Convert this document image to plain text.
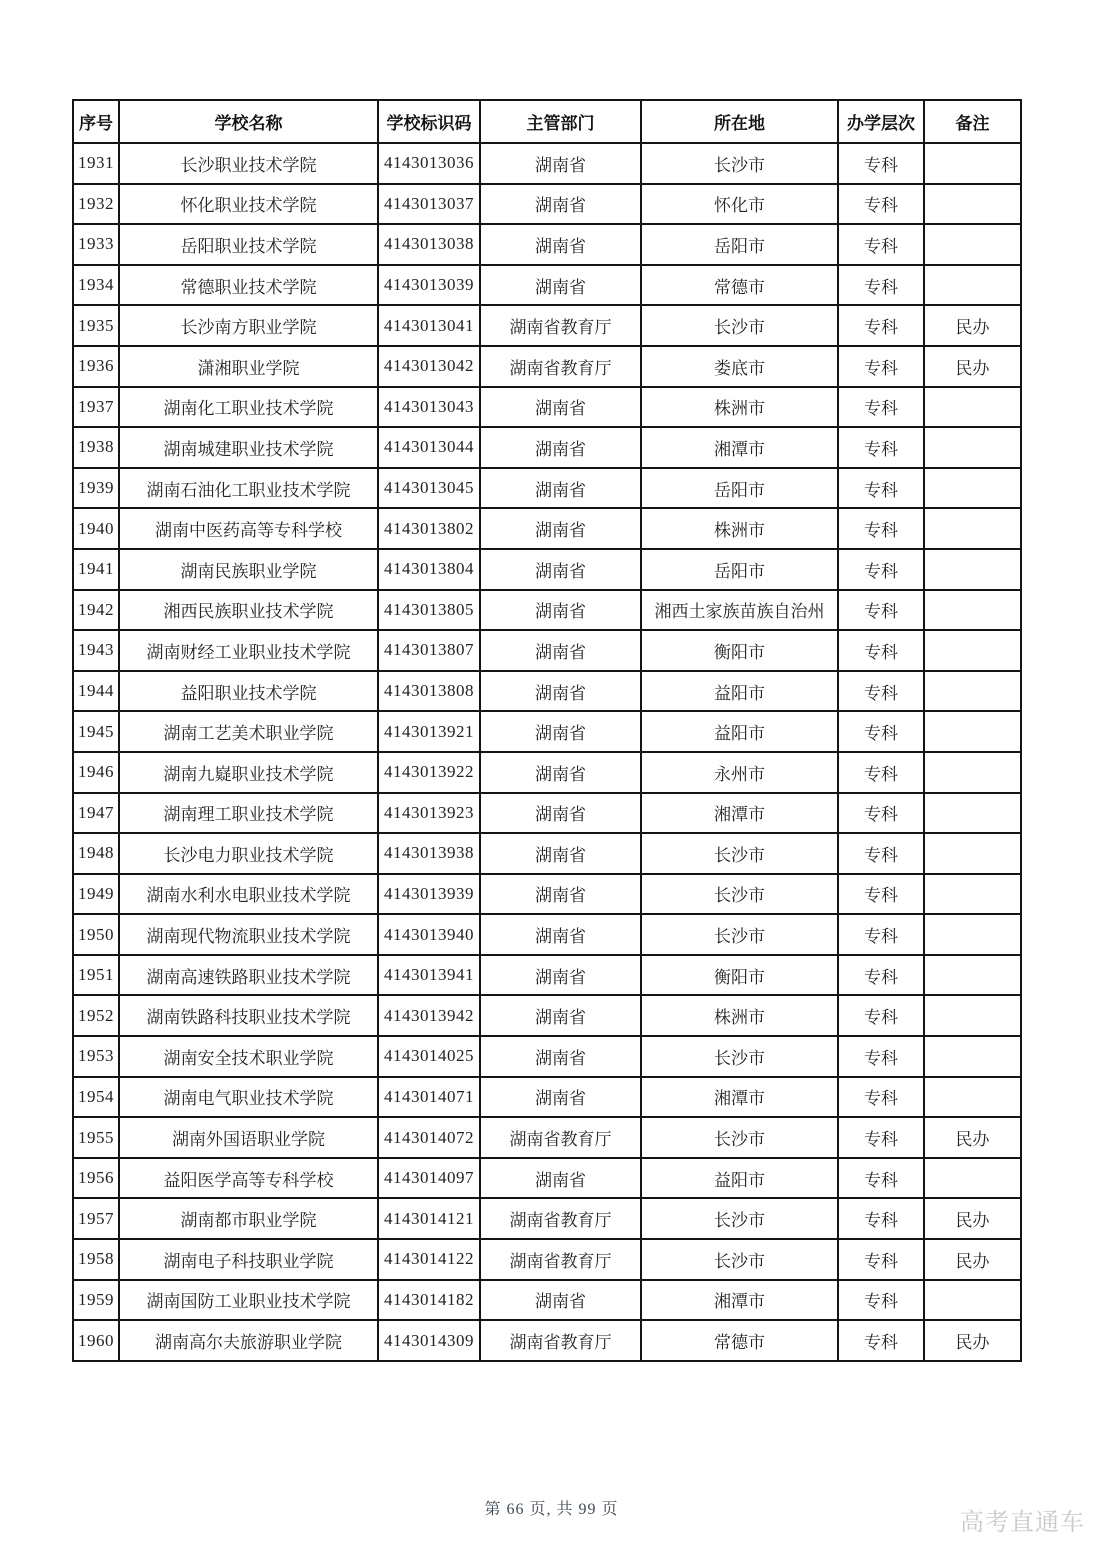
序号	学校名称	学校标识码	主管部门	所在地	办学层次	备注
1931	长沙职业技术学院	4143013036	湖南省	长沙市	专科	
1932	怀化职业技术学院	4143013037	湖南省	怀化市	专科	
1933	岳阳职业技术学院	4143013038	湖南省	岳阳市	专科	
1934	常德职业技术学院	4143013039	湖南省	常德市	专科	
1935	长沙南方职业学院	4143013041	湖南省教育厅	长沙市	专科	民办
1936	潇湘职业学院	4143013042	湖南省教育厅	娄底市	专科	民办
1937	湖南化工职业技术学院	4143013043	湖南省	株洲市	专科	
1938	湖南城建职业技术学院	4143013044	湖南省	湘潭市	专科	
1939	湖南石油化工职业技术学院	4143013045	湖南省	岳阳市	专科	
1940	湖南中医药高等专科学校	4143013802	湖南省	株洲市	专科	
1941	湖南民族职业学院	4143013804	湖南省	岳阳市	专科	
1942	湘西民族职业技术学院	4143013805	湖南省	湘西土家族苗族自治州	专科	
1943	湖南财经工业职业技术学院	4143013807	湖南省	衡阳市	专科	
1944	益阳职业技术学院	4143013808	湖南省	益阳市	专科	
1945	湖南工艺美术职业学院	4143013921	湖南省	益阳市	专科	
1946	湖南九嶷职业技术学院	4143013922	湖南省	永州市	专科	
1947	湖南理工职业技术学院	4143013923	湖南省	湘潭市	专科	
1948	长沙电力职业技术学院	4143013938	湖南省	长沙市	专科	
1949	湖南水利水电职业技术学院	4143013939	湖南省	长沙市	专科	
1950	湖南现代物流职业技术学院	4143013940	湖南省	长沙市	专科	
1951	湖南高速铁路职业技术学院	4143013941	湖南省	衡阳市	专科	
1952	湖南铁路科技职业技术学院	4143013942	湖南省	株洲市	专科	
1953	湖南安全技术职业学院	4143014025	湖南省	长沙市	专科	
1954	湖南电气职业技术学院	4143014071	湖南省	湘潭市	专科	
1955	湖南外国语职业学院	4143014072	湖南省教育厅	长沙市	专科	民办
1956	益阳医学高等专科学校	4143014097	湖南省	益阳市	专科	
1957	湖南都市职业学院	4143014121	湖南省教育厅	长沙市	专科	民办
1958	湖南电子科技职业学院	4143014122	湖南省教育厅	长沙市	专科	民办
1959	湖南国防工业职业技术学院	4143014182	湖南省	湘潭市	专科	
1960	湖南高尔夫旅游职业学院	4143014309	湖南省教育厅	常德市	专科	民办
第 66 页, 共 99 页	高考直通车
